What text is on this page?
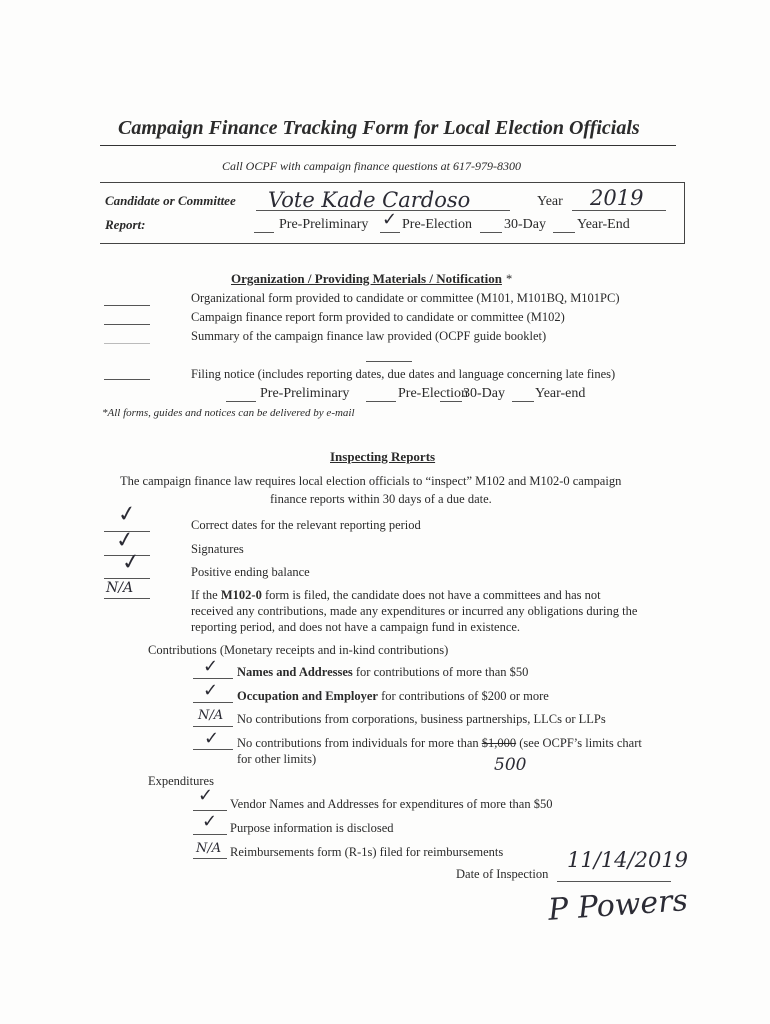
Campaign Finance Tracking Form for Local Election Officials
Call OCPF with campaign finance questions at 617-979-8300
Candidate or Committee Vote Kade Cardoso	Year 2019
Report:	Pre-Preliminary ✓ Pre-Election 30-Day Year-End
Organization / Providing Materials / Notification *
Organizational form provided to candidate or committee (M101, M101BQ, M101PC)
Campaign finance report form provided to candidate or committee (M102)
Summary of the campaign finance law provided (OCPF guide booklet)
Filing notice (includes reporting dates, due dates and language concerning late fines)
Pre-Preliminary	Pre-Election
30-Day Year-end
*All forms, guides and notices can be delivered by e-mail
Inspecting Reports
The campaign finance law requires local election officials to “inspect” M102 and M102-0 campaign
finance reports within 30 days of a due date.
✓	Correct dates for the relevant reporting period
✓	Signatures
✓	Positive ending balance
N/A	If the M102-0 form is filed, the candidate does not have a committees and has not
received any contributions, made any expenditures or incurred any obligations during the
reporting period, and does not have a campaign fund in existence.
Contributions (Monetary receipts and in-kind contributions)
✓ Names and Addresses for contributions of more than $50
✓ Occupation and Employer for contributions of $200 or more
N/A No contributions from corporations, business partnerships, LLCs or LLPs
✓ No contributions from individuals for more than $1,000 (see OCPF’s limits chart
for other limits)	500
Expenditures
✓ Vendor Names and Addresses for expenditures of more than $50
✓ Purpose information is disclosed
N/A Reimbursements form (R-1s) filed for reimbursements
Date of Inspection
11/14/2019
P Powers
